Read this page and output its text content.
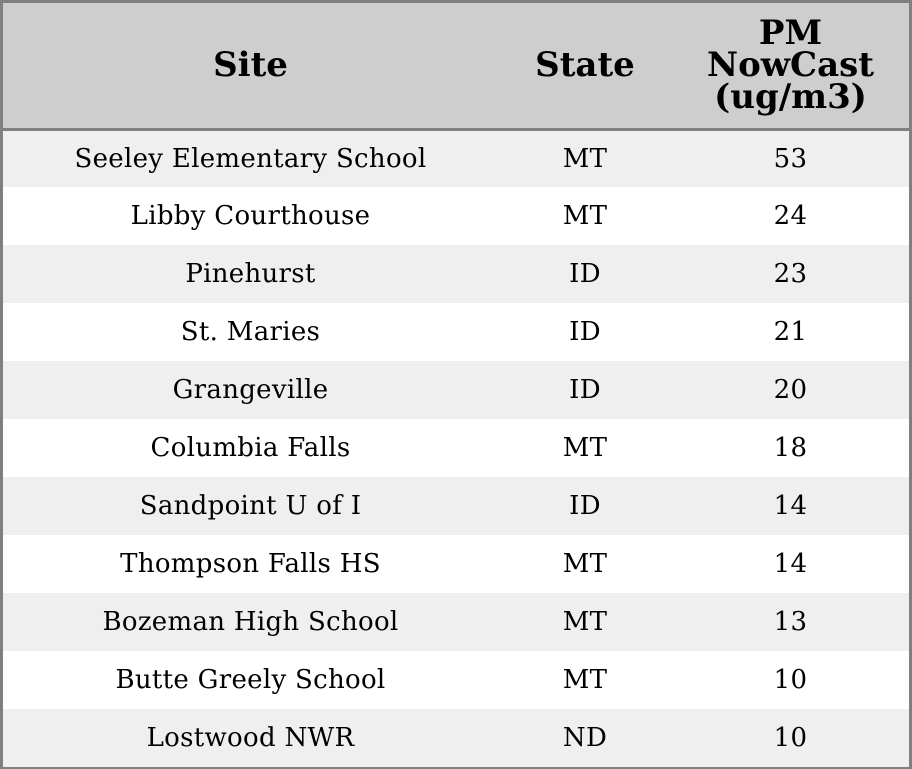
Site	State	PM NowCast (ug/m3)
Seeley Elementary School	MT	53
Libby Courthouse	MT	24
Pinehurst	ID	23
St. Maries	ID	21
Grangeville	ID	20
Columbia Falls	MT	18
Sandpoint U of I	ID	14
Thompson Falls HS	MT	14
Bozeman High School	MT	13
Butte Greely School	MT	10
Lostwood NWR	ND	10
